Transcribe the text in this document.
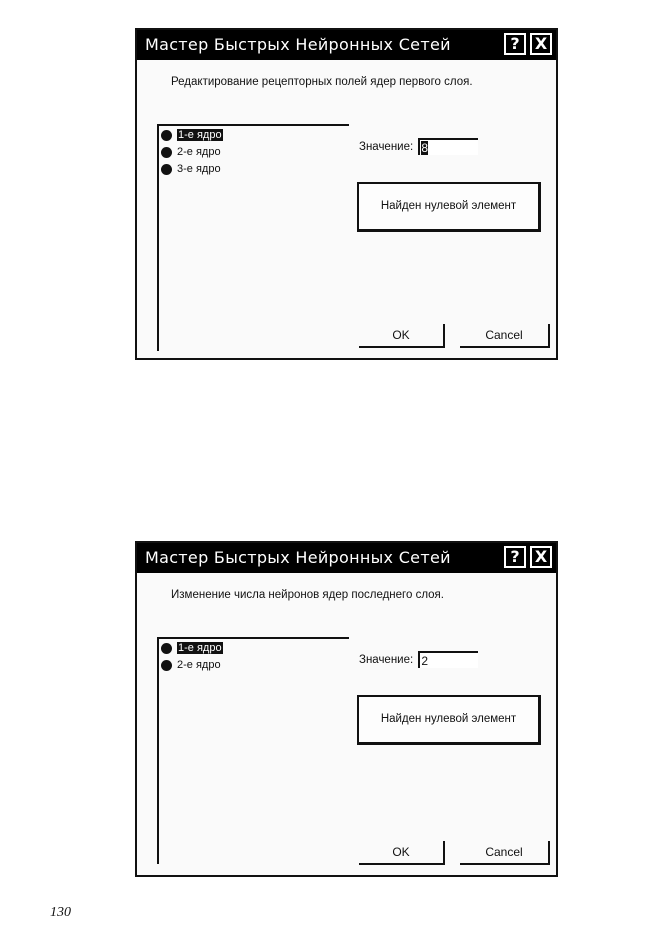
Мастер Быстрых Нейронных Сетей	? X
Редактирование рецепторных полей ядер первого слоя.
1-е ядро
2-е ядро
3-е ядро
Значение: 8
Найден нулевой элемент
OK	Cancel
Мастер Быстрых Нейронных Сетей	? X
Изменение числа нейронов ядер последнего слоя.
1-е ядро
2-е ядро	Значение: 2
Найден нулевой элемент
OK	Cancel
130
